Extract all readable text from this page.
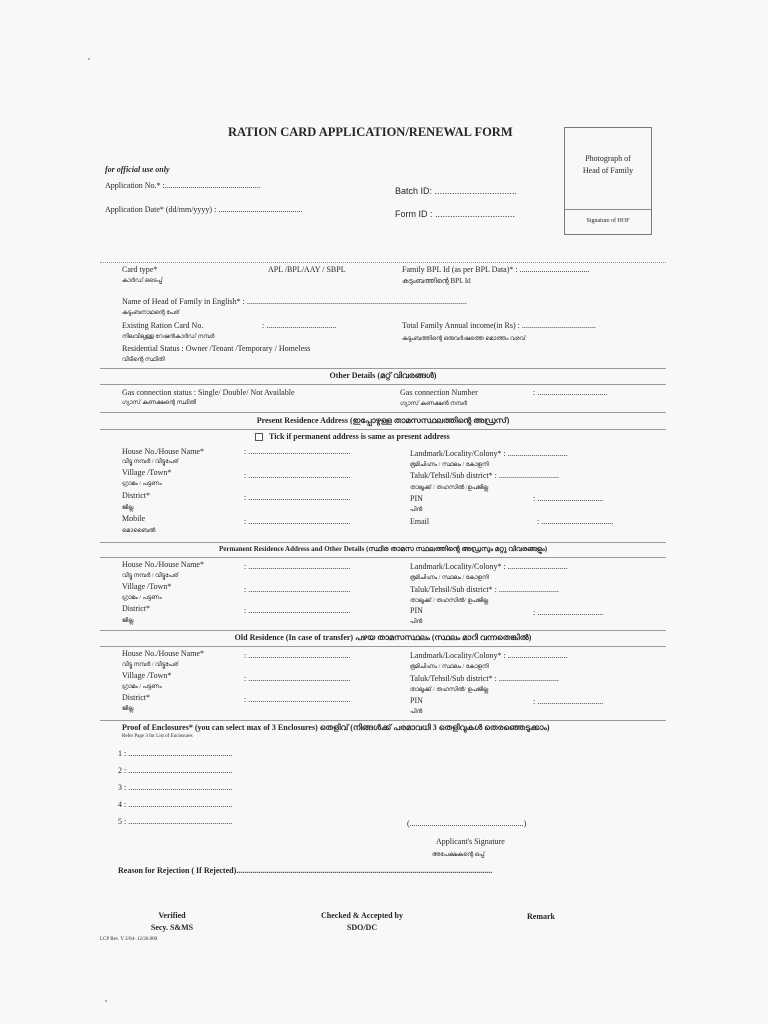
RATION CARD APPLICATION/RENEWAL FORM
Photograph of
Head of Family
Signature of HOF
for official use only
Application No.* :................................................
Application Date* (dd/mm/yyyy) : ..........................................
Batch ID: .................................
Form ID : ................................
Card type*
കാർഡ് ടൈപ്പ്
APL /BPL/AAY / SBPL	Family BPL Id (as per BPL Data)* : ...................................
കുടുംബത്തിന്റെ BPL Id
Name of Head of Family in English* : ..............................................................................................................
കുടുംബനാഥന്റെ പേര്
Existing Ration Card No.	: ...................................
നിലവിലുള്ള റേഷൻകാർഡ് നമ്പർ
Total Family Annual income(in Rs) : .....................................
കുടുംബത്തിന്റെ ഒരുവർഷത്തെ മൊത്തം വരവ്
Residential Status : Owner /Tenant /Temporary / Homeless
വീടിന്റെ സ്ഥിതി
Other Details (മറ്റ് വിവരങ്ങൾ)
Gas connection status : Single/ Double/ Not Available
ഗ്യാസ് കണക്ഷന്റെ സ്ഥിതി
Gas connection Number	: ...................................
ഗ്യാസ് കണക്ഷൻ നമ്പർ
Present Residence Address (ഇപ്പോഴുള്ള താമസസ്ഥലത്തിന്റെ അഡ്രസ്)
Tick if permanent address is same as present address
House No./House Name*
വീട്ടു നമ്പർ / വീട്ടുപേര്
: ...................................................
Village /Town*
ഗ്രാമം / പട്ടണം
: ...................................................
District*
ജില്ല
: ...................................................
Mobile
മൊബൈൽ
: ...................................................
Landmark/Locality/Colony* : ..............................
ഭൂമിചിഹ്നം / സ്ഥലം / കോളനി
Taluk/Tehsil/Sub district* : ..............................
താലൂക്ക് / തഹസിൽ /ഉപജില്ല
PIN
പിൻ
: .................................
Email	: ....................................
Permanent Residence Address and Other Details (സ്ഥിര താമസ സ്ഥലത്തിന്റെ അഡ്രസും മറ്റു വിവരങ്ങളും)
House No./House Name*
വീട്ടു നമ്പർ / വീട്ടുപേര്
: ...................................................
Village /Town*
ഗ്രാമം / പട്ടണം
: ...................................................
District*
ജില്ല
: ...................................................
Landmark/Locality/Colony* : ..............................
ഭൂമിചിഹ്നം / സ്ഥലം / കോളനി
Taluk/Tehsil/Sub district* : ..............................
താലൂക്ക് / തഹസിൽ/ ഉപജില്ല
PIN
പിൻ
: .................................
Old Residence (In case of transfer) പഴയ താമസസ്ഥലം (സ്ഥലം മാറി വന്നതെങ്കിൽ)
House No./House Name*
വീട്ടു നമ്പർ / വീട്ടുപേര്
: ...................................................
Village /Town*
ഗ്രാമം / പട്ടണം
: ...................................................
District*
ജില്ല
: ...................................................
Landmark/Locality/Colony* : ..............................
ഭൂമിചിഹ്നം / സ്ഥലം / കോളനി
Taluk/Tehsil/Sub district* : ..............................
താലൂക്ക് / തഹസിൽ/ ഉപജില്ല
PIN
പിൻ
: .................................
Proof of Enclosures* (you can select max of 3 Enclosures) തെളിവ് (നിങ്ങൾക്ക് പരമാവധി 3 തെളിവുകൾ തെരഞ്ഞെടുക്കാം)
Refer Page 3 for List of Enclosures
1 : ....................................................
2 : ....................................................
3 : ....................................................
4 : ....................................................
5 : ....................................................	(.........................................................)
Applicant's Signature
അപേക്ഷകന്റെ ഒപ്പ്
Reason for Rejection ( If Rejected)................................................................................................................................
Verified
Secy. S&MS
Checked & Accepted by
SDO/DC
Remark
LCP Rev. V 2/04- 12/20.000
